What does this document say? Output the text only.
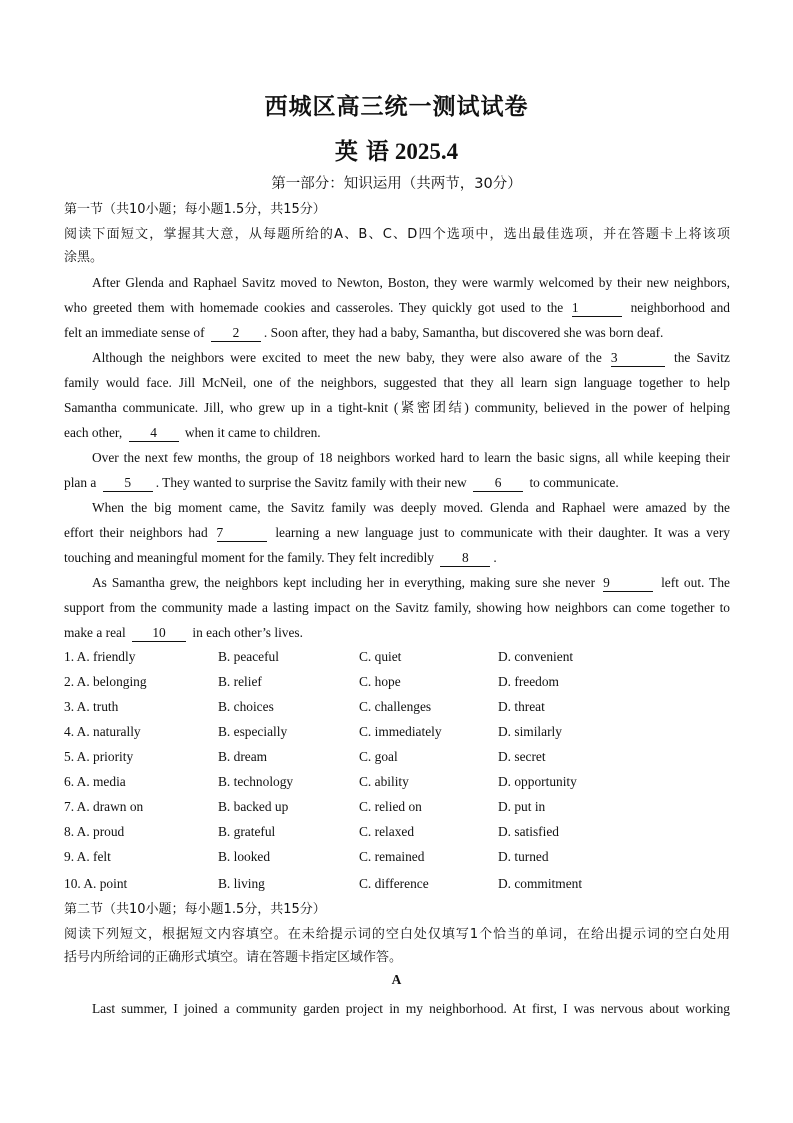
西城区高三统一测试试卷
英 语 2025.4
第一部分：知识运用（共两节，30分）
第一节（共10小题；每小题1.5分，共15分）
阅读下面短文，掌握其大意，从每题所给的A、B、C、D四个选项中，选出最佳选项，并在答题卡上将该项
涂黑。
After Glenda and Raphael Savitz moved to Newton, Boston, they were warmly welcomed by their new neighbors,
who greeted them with homemade cookies and casseroles. They quickly got used to the 1	neighborhood and
felt an immediate sense of 2 . Soon after, they had a baby, Samantha, but discovered she was born deaf.
Although the neighbors were excited to meet the new baby, they were also aware of the 3	the Savitz
family would face. Jill McNeil, one of the neighbors, suggested that they all learn sign language together to help
Samantha communicate. Jill, who grew up in a tight-knit (紧密团结) community, believed in the power of helping
each other, 4 when it came to children.
Over the next few months, the group of 18 neighbors worked hard to learn the basic signs, all while keeping their
plan a 5 . They wanted to surprise the Savitz family with their new 6 to communicate.
When the big moment came, the Savitz family was deeply moved. Glenda and Raphael were amazed by the
effort their neighbors had 7	learning a new language just to communicate with their daughter. It was a very
touching and meaningful moment for the family. They felt incredibly 8 .
As Samantha grew, the neighbors kept including her in everything, making sure she never 9	left out. The
support from the community made a lasting impact on the Savitz family, showing how neighbors can come together to
make a real 10 in each other’s lives.
1. A. friendly	B. peaceful	C. quiet	D. convenient
2. A. belonging	B. relief	C. hope	D. freedom
3. A. truth	B. choices	C. challenges	D. threat
4. A. naturally	B. especially	C. immediately	D. similarly
5. A. priority	B. dream	C. goal	D. secret
6. A. media	B. technology	C. ability	D. opportunity
7. A. drawn on	B. backed up	C. relied on	D. put in
8. A. proud	B. grateful	C. relaxed	D. satisfied
9. A. felt	B. looked	C. remained	D. turned
10. A. point	B. living	C. difference	D. commitment
第二节（共10小题；每小题1.5分，共15分）
阅读下列短文，根据短文内容填空。在未给提示词的空白处仅填写1个恰当的单词，在给出提示词的空白处用
括号内所给词的正确形式填空。请在答题卡指定区域作答。
A
Last summer, I joined a community garden project in my neighborhood. At first, I was nervous about working
